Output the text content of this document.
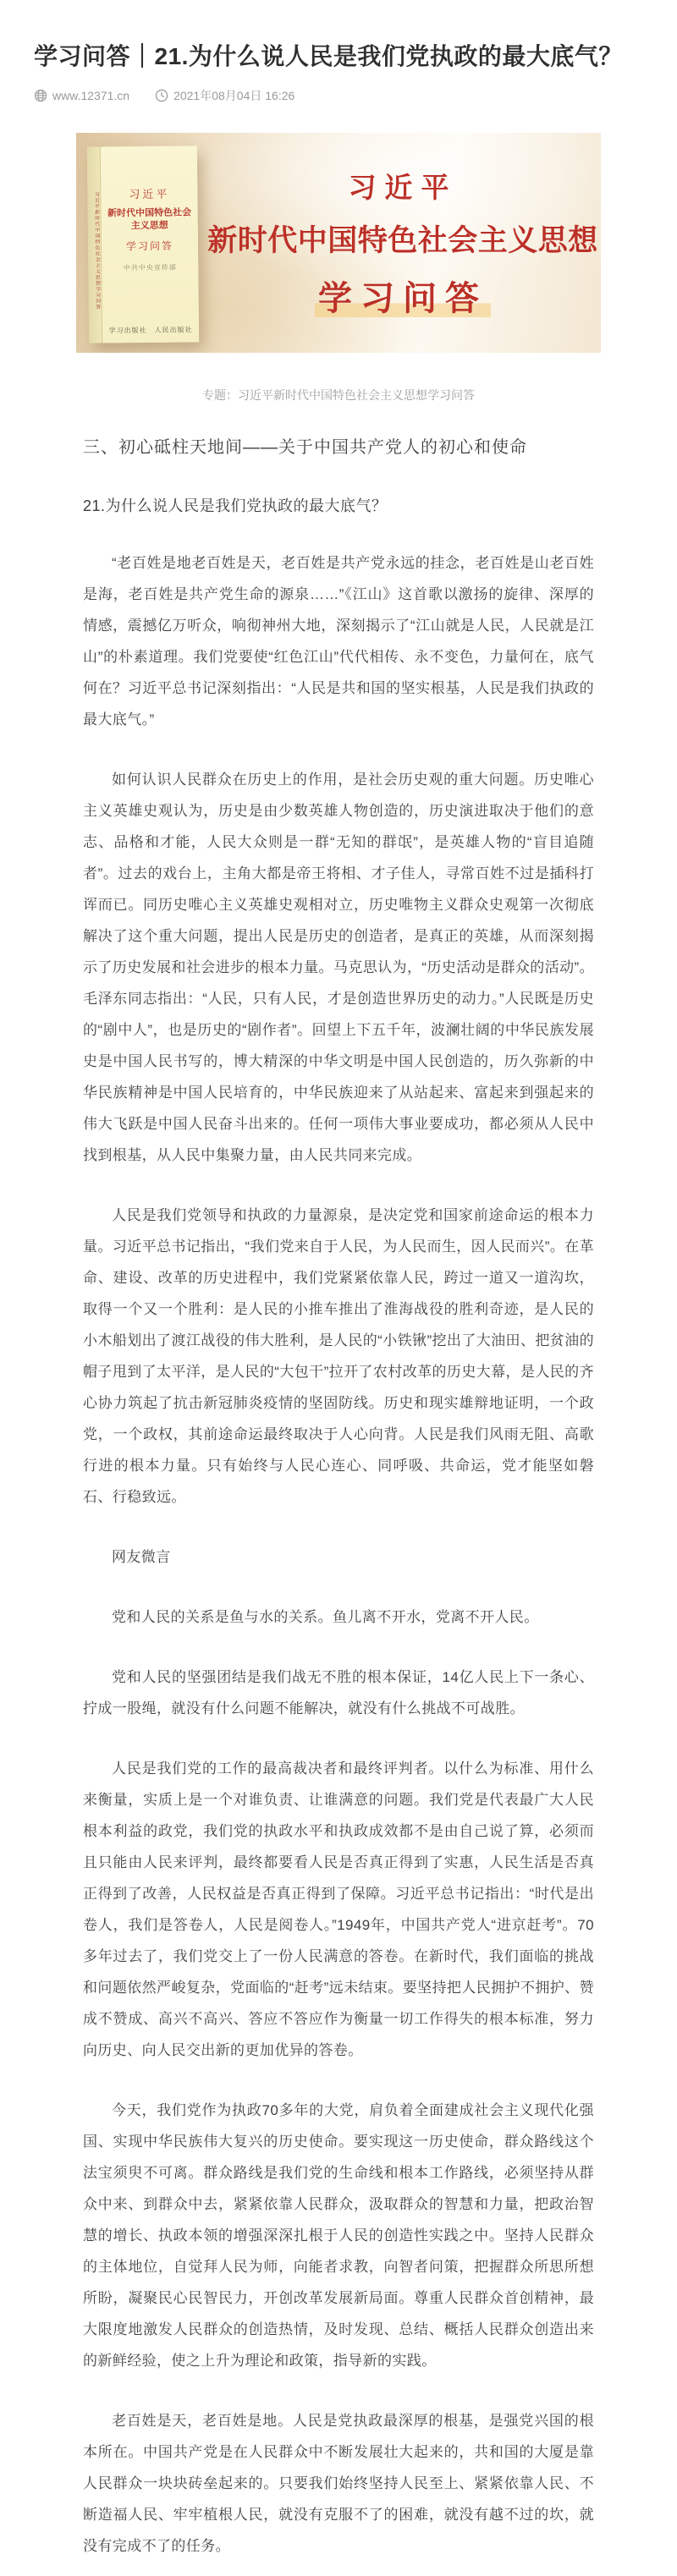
学习问答｜21.为什么说人民是我们党执政的最大底气？
www.12371.cn	2021年08月04日 16:26
习近平新时代中国特色社会主义思想学习问答	习近平
新时代中国特色社会主义思想
学习问答
中共中央宣传部
学习出版社　人民出版社
习近平
新时代中国特色社会主义思想
学习问答
专题：习近平新时代中国特色社会主义思想学习问答
三、初心砥柱天地间——关于中国共产党人的初心和使命
21.为什么说人民是我们党执政的最大底气？

“老百姓是地老百姓是天，老百姓是共产党永远的挂念，老百姓是山老百姓是海，老百姓是共产党生命的源泉……”《江山》这首歌以激扬的旋律、深厚的情感，震撼亿万听众，响彻神州大地，深刻揭示了“江山就是人民，人民就是江山”的朴素道理。我们党要使“红色江山”代代相传、永不变色，力量何在，底气何在？习近平总书记深刻指出：“人民是共和国的坚实根基，人民是我们执政的最大底气。”

如何认识人民群众在历史上的作用，是社会历史观的重大问题。历史唯心主义英雄史观认为，历史是由少数英雄人物创造的，历史演进取决于他们的意志、品格和才能，人民大众则是一群“无知的群氓”，是英雄人物的“盲目追随者”。过去的戏台上，主角大都是帝王将相、才子佳人，寻常百姓不过是插科打诨而已。同历史唯心主义英雄史观相对立，历史唯物主义群众史观第一次彻底解决了这个重大问题，提出人民是历史的创造者，是真正的英雄，从而深刻揭示了历史发展和社会进步的根本力量。马克思认为，“历史活动是群众的活动”。毛泽东同志指出：“人民，只有人民，才是创造世界历史的动力。”人民既是历史的“剧中人”，也是历史的“剧作者”。回望上下五千年，波澜壮阔的中华民族发展史是中国人民书写的，博大精深的中华文明是中国人民创造的，历久弥新的中华民族精神是中国人民培育的，中华民族迎来了从站起来、富起来到强起来的伟大飞跃是中国人民奋斗出来的。任何一项伟大事业要成功，都必须从人民中找到根基，从人民中集聚力量，由人民共同来完成。

人民是我们党领导和执政的力量源泉，是决定党和国家前途命运的根本力量。习近平总书记指出，“我们党来自于人民，为人民而生，因人民而兴”。在革命、建设、改革的历史进程中，我们党紧紧依靠人民，跨过一道又一道沟坎，取得一个又一个胜利：是人民的小推车推出了淮海战役的胜利奇迹，是人民的小木船划出了渡江战役的伟大胜利，是人民的“小铁锹”挖出了大油田、把贫油的帽子甩到了太平洋，是人民的“大包干”拉开了农村改革的历史大幕，是人民的齐心协力筑起了抗击新冠肺炎疫情的坚固防线。历史和现实雄辩地证明，一个政党，一个政权，其前途命运最终取决于人心向背。人民是我们风雨无阻、高歌行进的根本力量。只有始终与人民心连心、同呼吸、共命运，党才能坚如磐石、行稳致远。

网友微言

党和人民的关系是鱼与水的关系。鱼儿离不开水，党离不开人民。

党和人民的坚强团结是我们战无不胜的根本保证，14亿人民上下一条心、拧成一股绳，就没有什么问题不能解决，就没有什么挑战不可战胜。

人民是我们党的工作的最高裁决者和最终评判者。以什么为标准、用什么来衡量，实质上是一个对谁负责、让谁满意的问题。我们党是代表最广大人民根本利益的政党，我们党的执政水平和执政成效都不是由自己说了算，必须而且只能由人民来评判，最终都要看人民是否真正得到了实惠，人民生活是否真正得到了改善，人民权益是否真正得到了保障。习近平总书记指出：“时代是出卷人，我们是答卷人，人民是阅卷人。”1949年，中国共产党人“进京赶考”。70多年过去了，我们党交上了一份人民满意的答卷。在新时代，我们面临的挑战和问题依然严峻复杂，党面临的“赶考”远未结束。要坚持把人民拥护不拥护、赞成不赞成、高兴不高兴、答应不答应作为衡量一切工作得失的根本标准，努力向历史、向人民交出新的更加优异的答卷。

今天，我们党作为执政70多年的大党，肩负着全面建成社会主义现代化强国、实现中华民族伟大复兴的历史使命。要实现这一历史使命，群众路线这个法宝须臾不可离。群众路线是我们党的生命线和根本工作路线，必须坚持从群众中来、到群众中去，紧紧依靠人民群众，汲取群众的智慧和力量，把政治智慧的增长、执政本领的增强深深扎根于人民的创造性实践之中。坚持人民群众的主体地位，自觉拜人民为师，向能者求教，向智者问策，把握群众所思所想所盼，凝聚民心民智民力，开创改革发展新局面。尊重人民群众首创精神，最大限度地激发人民群众的创造热情，及时发现、总结、概括人民群众创造出来的新鲜经验，使之上升为理论和政策，指导新的实践。

老百姓是天，老百姓是地。人民是党执政最深厚的根基，是强党兴国的根本所在。中国共产党是在人民群众中不断发展壮大起来的，共和国的大厦是靠人民群众一块块砖垒起来的。只要我们始终坚持人民至上、紧紧依靠人民、不断造福人民、牢牢植根人民，就没有克服不了的困难，就没有越不过的坎，就没有完成不了的任务。
